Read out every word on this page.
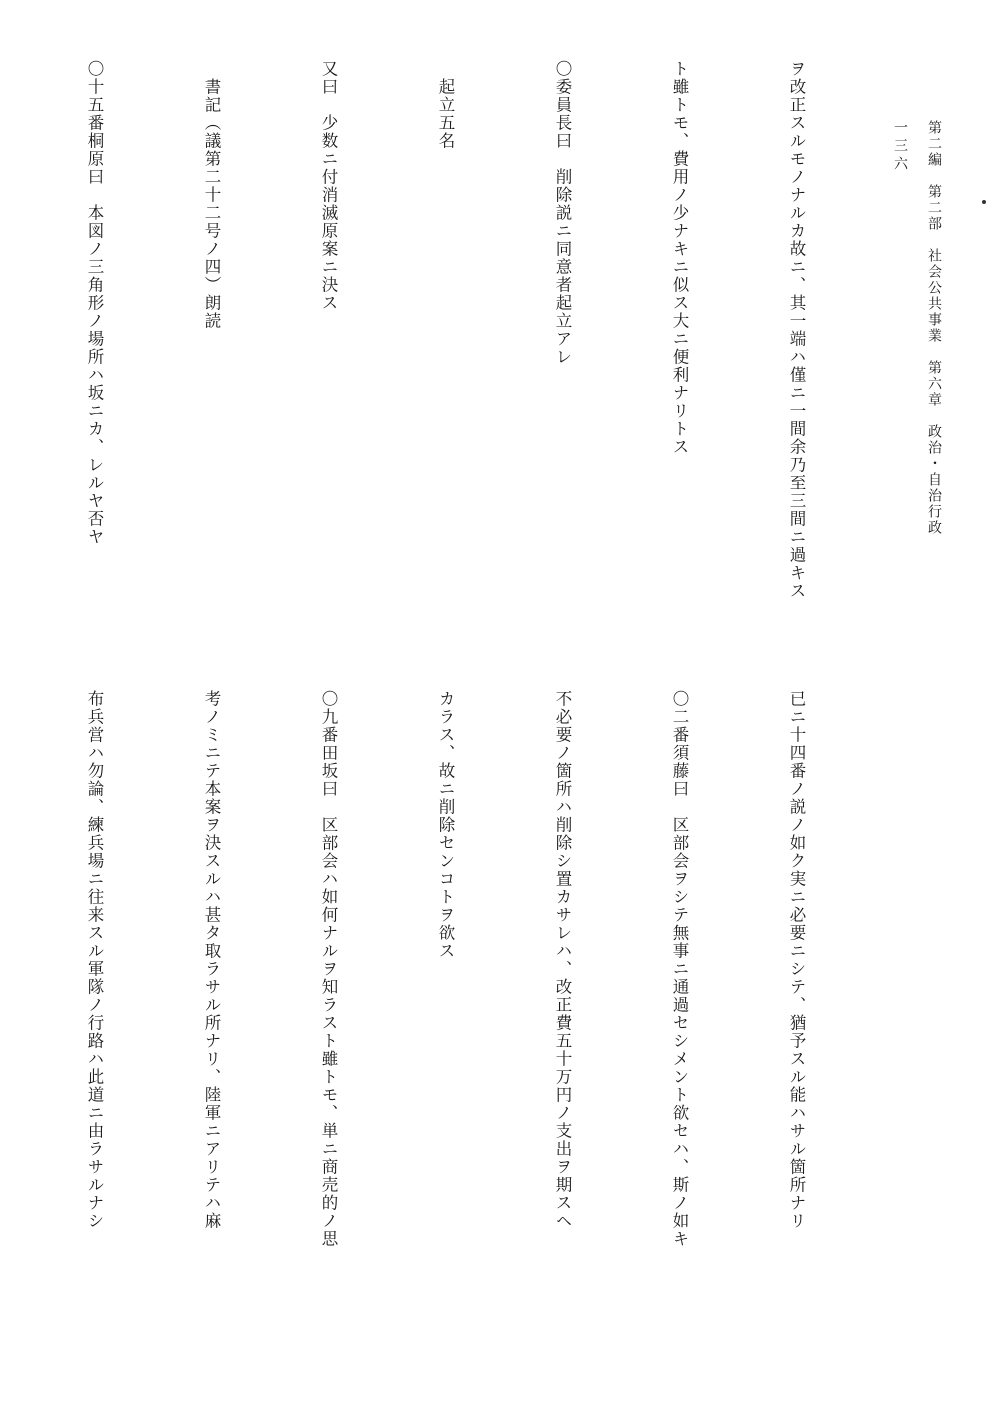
第二編　第二部　社会公共事業　第六章　政治・自治行政
一三六

ヲ改正スルモノナルカ故ニ、其一端ハ僅ニ一間余乃至三間ニ過キス

ト雖トモ、費用ノ少ナキニ似ス大ニ便利ナリトス

〇委員長曰　削除説ニ同意者起立アレ

　起立五名

又曰　少数ニ付消滅原案ニ決ス

　書記（議第二十二号ノ四）朗読

〇十五番桐原曰　本図ノ三角形ノ場所ハ坂ニカ、レルヤ否ヤ

已ニ十四番ノ説ノ如ク実ニ必要ニシテ、猶予スル能ハサル箇所ナリ

〇二番須藤曰　区部会ヲシテ無事ニ通過セシメント欲セハ、斯ノ如キ

不必要ノ箇所ハ削除シ置カサレハ、改正費五十万円ノ支出ヲ期スヘ

カラス、故ニ削除センコトヲ欲ス

〇九番田坂曰　区部会ハ如何ナルヲ知ラスト雖トモ、単ニ商売的ノ思

考ノミニテ本案ヲ決スルハ甚タ取ラサル所ナリ、陸軍ニアリテハ麻

布兵営ハ勿論、練兵場ニ往来スル軍隊ノ行路ハ此道ニ由ラサルナシ
